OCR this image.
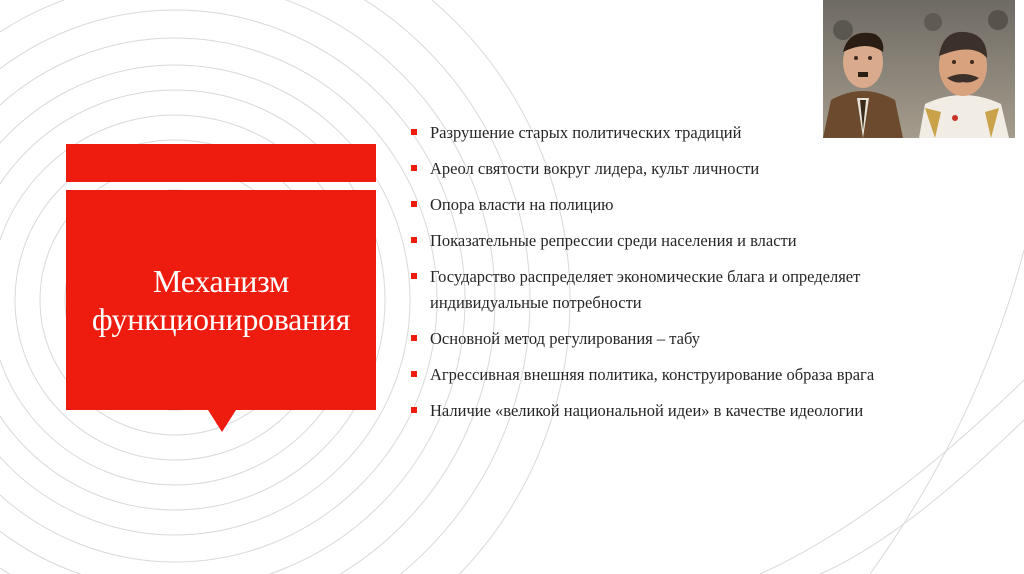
Механизм
функционирования
Разрушение старых политических традиций
Ареол святости вокруг лидера, культ личности
Опора власти на полицию
Показательные репрессии среди населения и власти
Государство распределяет экономические блага и определяет индивидуальные потребности
Основной метод регулирования – табу
Агрессивная внешняя политика, конструирование образа врага
Наличие «великой национальной идеи» в качестве идеологии
